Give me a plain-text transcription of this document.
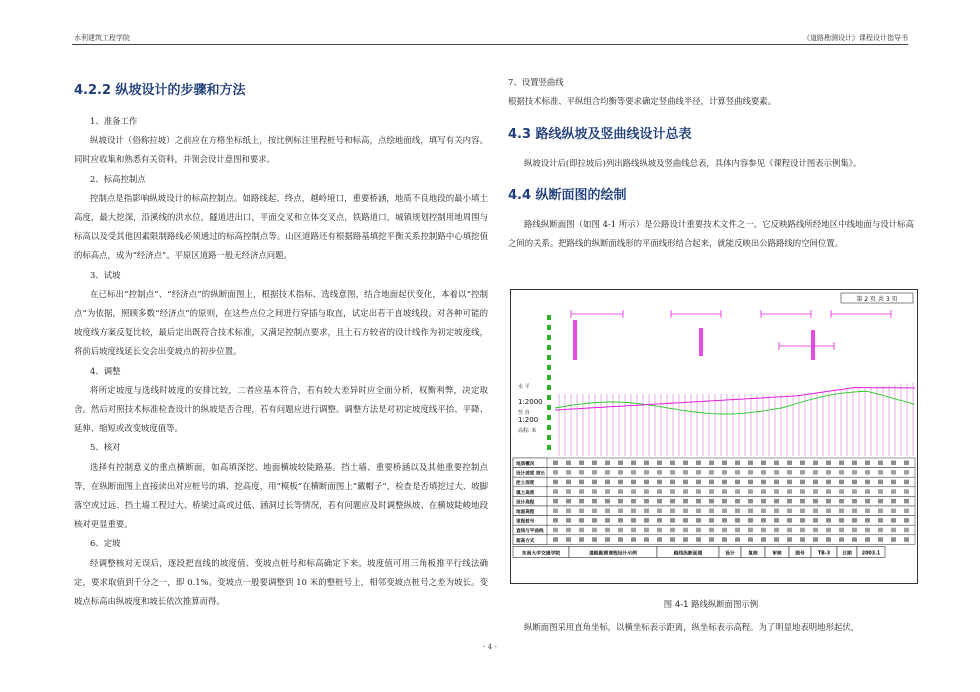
水利建筑工程学院	《道路勘测设计》课程设计指导书
4.2.2 纵坡设计的步骤和方法

1、准备工作

纵坡设计（俗称拉坡）之前应在方格坐标纸上，按比例标注里程桩号和标高，点绘地面线，填写有关内容。同时应收集和熟悉有关资料，并领会设计意图和要求。

2、标高控制点

控制点是指影响纵坡设计的标高控制点。如路线起、终点，越岭垭口，重要桥涵，地质不良地段的最小填土高度，最大挖深，沿溪线的洪水位，隧道进出口，平面交叉和立体交叉点，铁路道口，城镇规划控制用地周围与标高以及受其他因素限制路线必须通过的标高控制点等。山区道路还有根据路基填挖平衡关系控制路中心填挖值的标高点，成为“经济点”。平原区道路一般无经济点问题。

3、试坡

在已标出“控制点”、“经济点”的纵断面图上，根据技术指标、选线意图，结合地面起伏变化，本着以“控制点”为依据，照顾多数“经济点”的原则，在这些点位之间进行穿插与取直，试定出若干直坡线段。对各种可能的坡度线方案反复比较，最后定出既符合技术标准，又满足控制点要求，且土石方较省的设计线作为初定坡度线，将前后坡度线延长交会出变坡点的初步位置。

4、调整

将所定坡度与选线时坡度的安排比较，二者应基本符合，若有较大差异时应全面分析，权衡利弊，决定取舍。然后对照技术标准检查设计的纵坡是否合理，若有问题应进行调整。调整方法是对初定坡度线平抬、平降、延伸、缩短或改变坡度值等。

5、核对

选择有控制意义的重点横断面，如高填深挖、地面横坡较陡路基。挡土墙、重要桥涵以及其他重要控制点等，在纵断面图上直接读出对应桩号的填、挖高度，用“模板”在横断面图上“戴帽子”，检查是否填挖过大、坡脚落空或过远、挡土墙工程过大、桥梁过高或过低、涵洞过长等情况，若有问题应及时调整纵坡、在横坡陡峻地段核对更显重要。

6、定坡

经调整核对无误后，逐段把直线的坡度值、变坡点桩号和标高确定下来。坡度值可用三角板推平行线法确定，要求取值到千分之一，即 0.1%。变坡点一般要调整到 10 米的整桩号上，相邻变坡点桩号之差为坡长。变坡点标高由纵坡度和坡长依次推算而得。

7、设置竖曲线

根据技术标准、平纵组合均衡等要求确定竖曲线半径，计算竖曲线要素。

4.3 路线纵坡及竖曲线设计总表

纵坡设计后(即拉坡后)列出路线纵坡及竖曲线总表，具体内容参见《课程设计图表示例集》。

4.4 纵断面图的绘制

路线纵断面图（如图 4-1 所示）是公路设计重要技术文件之一。它反映路线所经地区中线地面与设计标高之间的关系。把路线的纵断面线形的平面线形结合起来，就能反映出公路路线的空间位置。

第 2 页 共 3 页
水 平
1:2000
竖 直
1:200
高程: 米
地质概况
设计坡度 坡长
挖土深度
填土高度
设计高程
地面高程
里程桩号
直线与平曲线
超高方式
东南大学交通学院	道路勘测课程设计示例	路线纵断面图	设计	复核	审核	图号	TB-3	日期 2003.1
图 4-1 路线纵断面图示例

纵断面图采用直角坐标，以横坐标表示距离，纵坐标表示高程。为了明显地表明地形起伏，

- 4 -
